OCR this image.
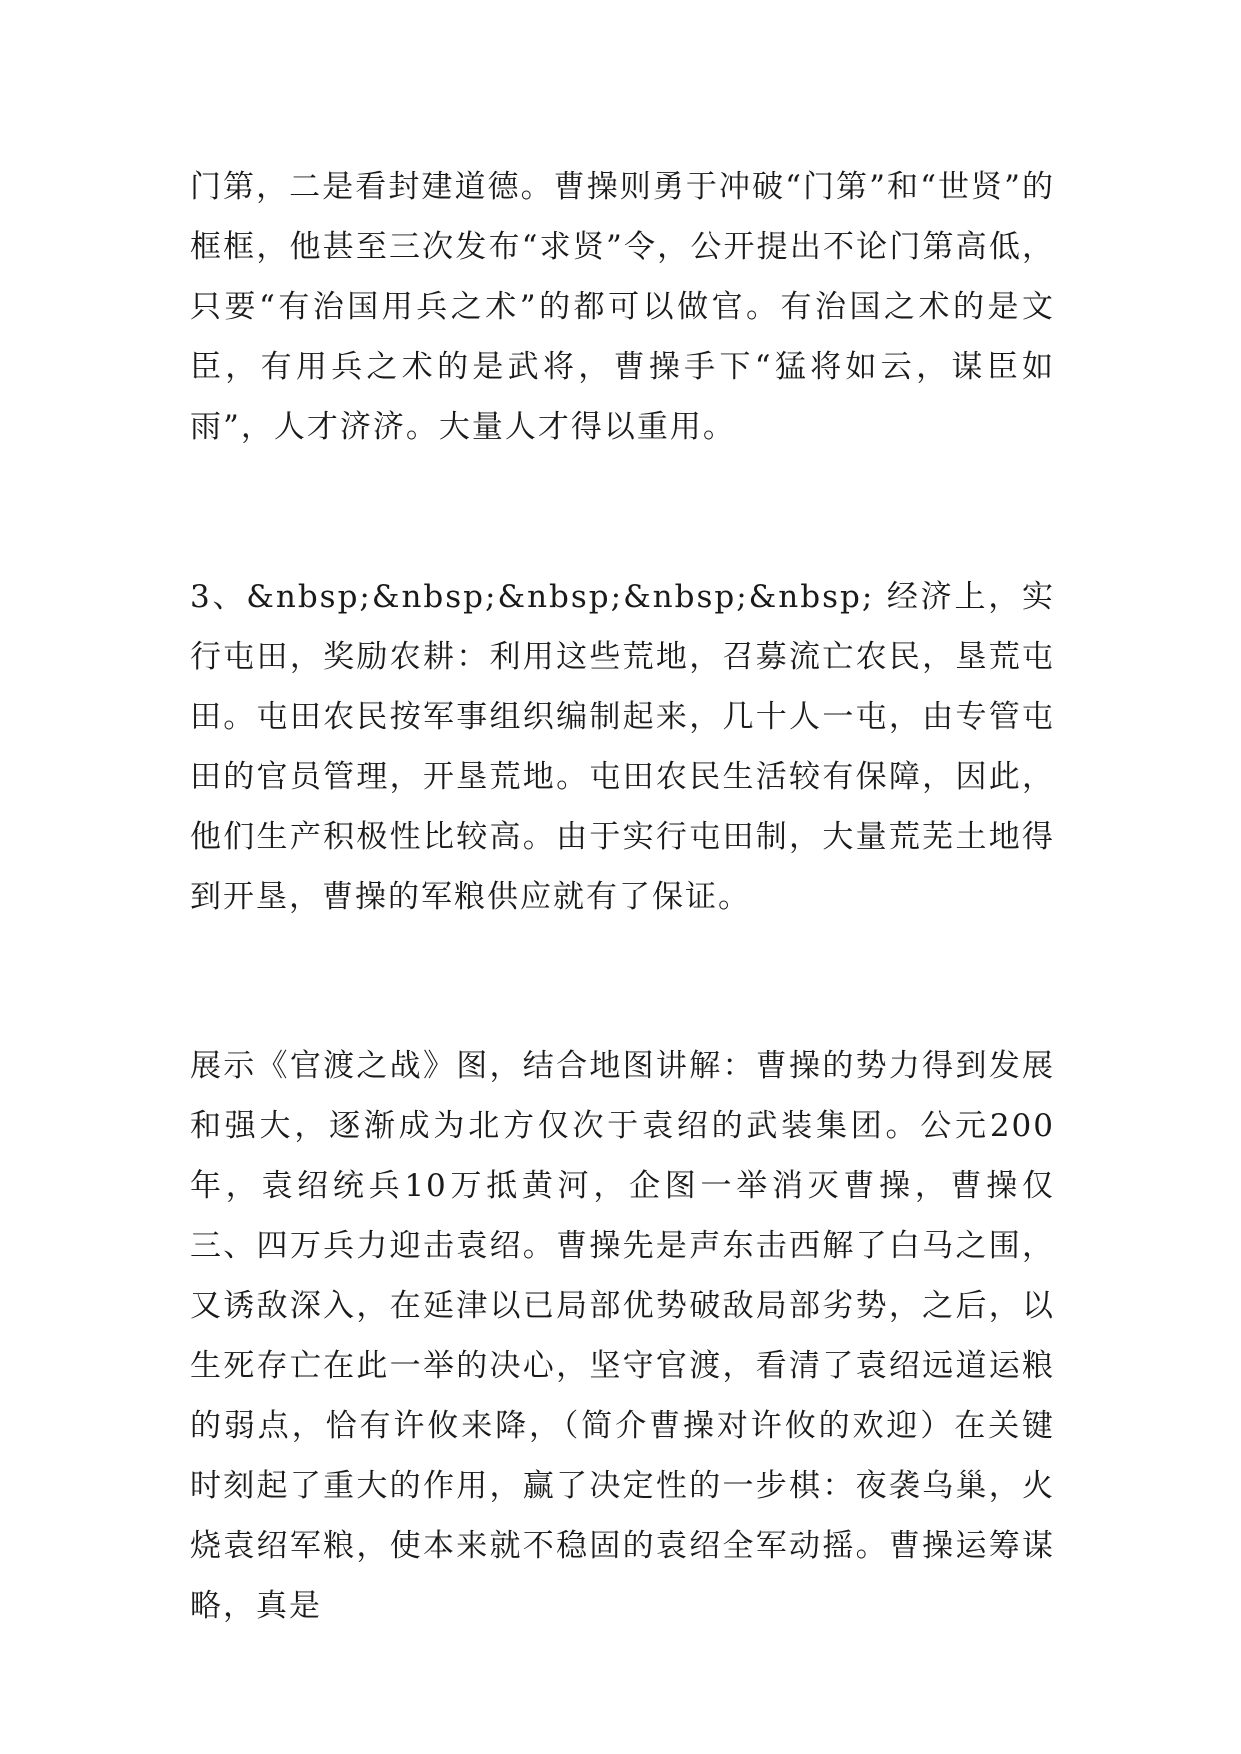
门第，二是看封建道德。曹操则勇于冲破“门第”和“世贤”的框框，他甚至三次发布“求贤”令，公开提出不论门第高低，只要“有治国用兵之术”的都可以做官。有治国之术的是文臣，有用兵之术的是武将，曹操手下“猛将如云，谋臣如雨”，人才济济。大量人才得以重用。

3、&nbsp;&nbsp;&nbsp;&nbsp;&nbsp; 经济上，实行屯田，奖励农耕：利用这些荒地，召募流亡农民，垦荒屯田。屯田农民按军事组织编制起来，几十人一屯，由专管屯田的官员管理，开垦荒地。屯田农民生活较有保障，因此，他们生产积极性比较高。由于实行屯田制，大量荒芜土地得到开垦，曹操的军粮供应就有了保证。

展示《官渡之战》图，结合地图讲解：曹操的势力得到发展和强大，逐渐成为北方仅次于袁绍的武装集团。公元200年，袁绍统兵10万抵黄河，企图一举消灭曹操，曹操仅三、四万兵力迎击袁绍。曹操先是声东击西解了白马之围，又诱敌深入，在延津以已局部优势破敌局部劣势，之后，以生死存亡在此一举的决心，坚守官渡，看清了袁绍远道运粮的弱点，恰有许攸来降，（简介曹操对许攸的欢迎）在关键时刻起了重大的作用，赢了决定性的一步棋：夜袭乌巢，火烧袁绍军粮，使本来就不稳固的袁绍全军动摇。曹操运筹谋略，真是
